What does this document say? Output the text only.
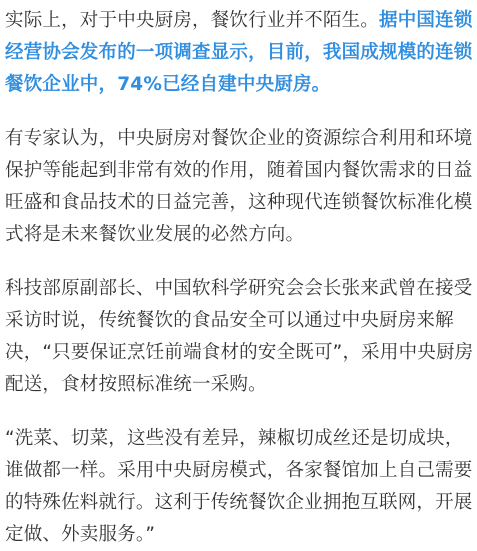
实际上，对于中央厨房，餐饮行业并不陌生。据中国连锁经营协会发布的一项调查显示，目前，我国成规模的连锁餐饮企业中，74%已经自建中央厨房。

有专家认为，中央厨房对餐饮企业的资源综合利用和环境保护等能起到非常有效的作用，随着国内餐饮需求的日益旺盛和食品技术的日益完善，这种现代连锁餐饮标准化模式将是未来餐饮业发展的必然方向。

科技部原副部长、中国软科学研究会会长张来武曾在接受采访时说，传统餐饮的食品安全可以通过中央厨房来解决，“只要保证烹饪前端食材的安全既可”，采用中央厨房配送，食材按照标准统一采购。

“洗菜、切菜，这些没有差异，辣椒切成丝还是切成块，谁做都一样。采用中央厨房模式，各家餐馆加上自己需要的特殊佐料就行。这利于传统餐饮企业拥抱互联网，开展定做、外卖服务。”
